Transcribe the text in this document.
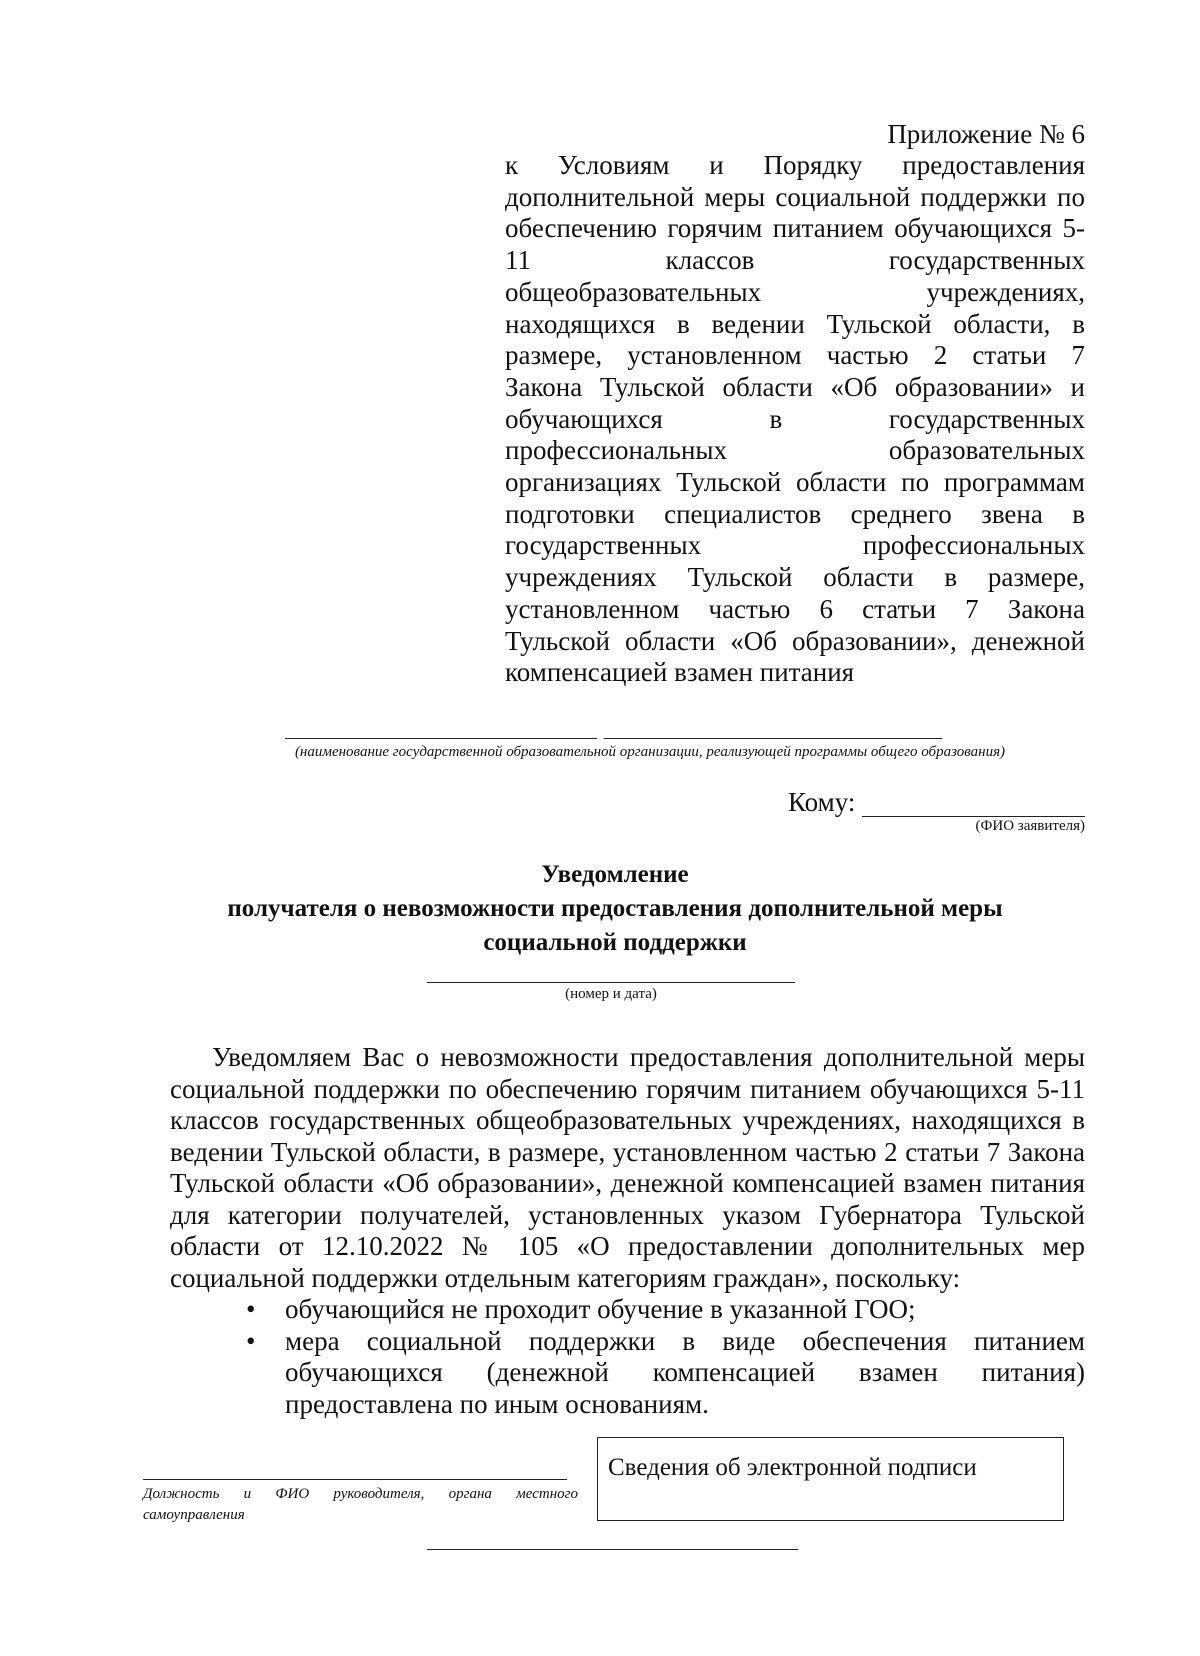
Приложение № 6
к Условиям и Порядку предоставления
дополнительной меры социальной поддержки по
обеспечению горячим питанием обучающихся 5-
11 классов государственных
общеобразовательных учреждениях,
находящихся в ведении Тульской области, в
размере, установленном частью 2 статьи 7
Закона Тульской области «Об образовании» и
обучающихся в государственных
профессиональных образовательных
организациях Тульской области по программам
подготовки специалистов среднего звена в
государственных профессиональных
учреждениях Тульской области в размере,
установленном частью 6 статьи 7 Закона
Тульской области «Об образовании», денежной
компенсацией взамен питания
(наименование государственной образовательной организации, реализующей программы общего образования)
Кому:
(ФИО заявителя)
Уведомление
получателя о невозможности предоставления дополнительной меры
социальной поддержки
(номер и дата)
Уведомляем Вас о невозможности предоставления дополнительной меры социальной поддержки по обеспечению горячим питанием обучающихся 5-11 классов государственных общеобразовательных учреждениях, находящихся в ведении Тульской области, в размере, установленном частью 2 статьи 7 Закона Тульской области «Об образовании», денежной компенсацией взамен питания для категории получателей, установленных указом Губернатора Тульской области от 12.10.2022 № 105 «О предоставлении дополнительных мер социальной поддержки отдельным категориям граждан», поскольку:
• обучающийся не проходит обучение в указанной ГОО;
• мера социальной поддержки в виде обеспечения питанием обучающихся (денежной компенсацией взамен питания) предоставлена по иным основаниям.
Должность и ФИО руководителя, органа местного самоуправления
Сведения об электронной подписи
